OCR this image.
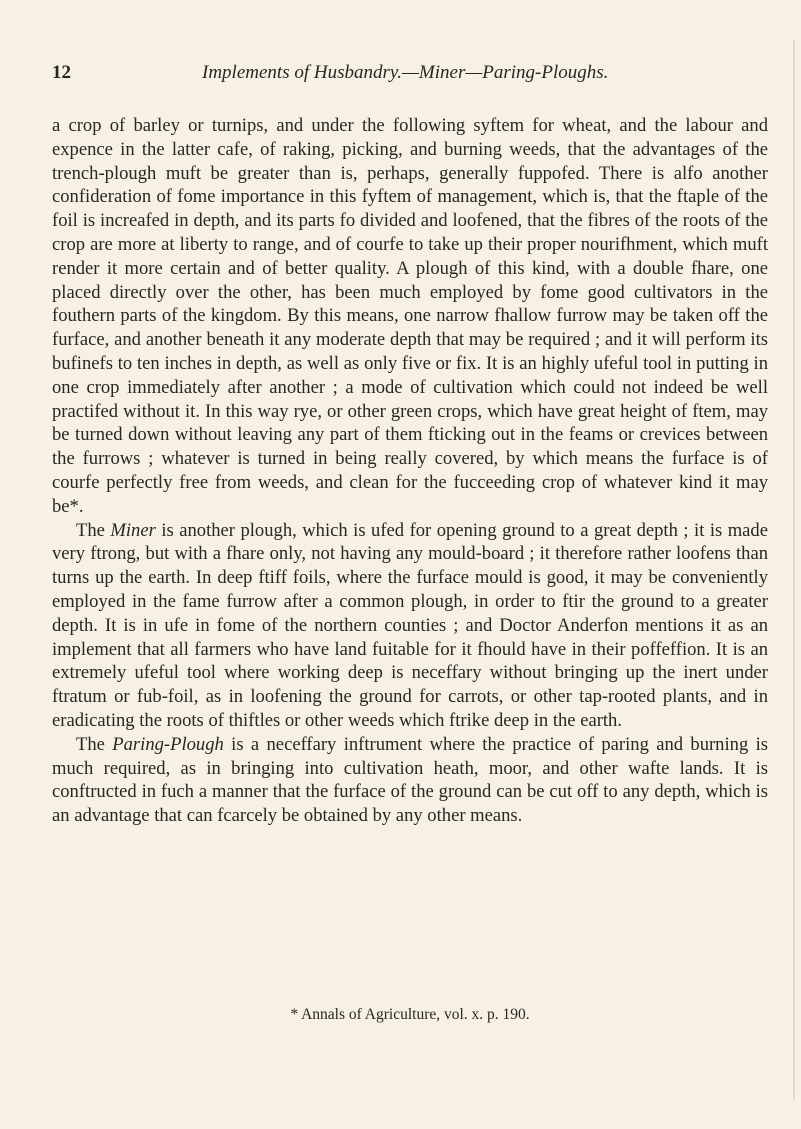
12	Implements of Husbandry.—Miner—Paring-Ploughs.

a crop of barley or turnips, and under the following syftem for wheat, and the labour and expence in the latter cafe, of raking, picking, and burning weeds, that the advantages of the trench-plough muft be greater than is, perhaps, generally fuppofed. There is alfo another confideration of fome importance in this fyftem of management, which is, that the ftaple of the foil is increafed in depth, and its parts fo divided and loofened, that the fibres of the roots of the crop are more at liberty to range, and of courfe to take up their proper nourifhment, which muft render it more certain and of better quality. A plough of this kind, with a double fhare, one placed directly over the other, has been much employed by fome good cultivators in the fouthern parts of the kingdom. By this means, one narrow fhallow furrow may be taken off the furface, and another beneath it any moderate depth that may be required ; and it will perform its bufinefs to ten inches in depth, as well as only five or fix. It is an highly ufeful tool in putting in one crop immediately after another ; a mode of cultivation which could not indeed be well practifed without it. In this way rye, or other green crops, which have great height of ftem, may be turned down without leaving any part of them fticking out in the feams or crevices between the furrows ; whatever is turned in being really covered, by which means the furface is of courfe perfectly free from weeds, and clean for the fucceeding crop of whatever kind it may be*.

The Miner is another plough, which is ufed for opening ground to a great depth ; it is made very ftrong, but with a fhare only, not having any mould-board ; it therefore rather loofens than turns up the earth. In deep ftiff foils, where the furface mould is good, it may be conveniently employed in the fame furrow after a common plough, in order to ftir the ground to a greater depth. It is in ufe in fome of the northern counties ; and Doctor Anderfon mentions it as an implement that all farmers who have land fuitable for it fhould have in their poffeffion. It is an extremely ufeful tool where working deep is neceffary without bringing up the inert under ftratum or fub-foil, as in loofening the ground for carrots, or other tap-rooted plants, and in eradicating the roots of thiftles or other weeds which ftrike deep in the earth.

The Paring-Plough is a neceffary inftrument where the practice of paring and burning is much required, as in bringing into cultivation heath, moor, and other wafte lands. It is conftructed in fuch a manner that the furface of the ground can be cut off to any depth, which is an advantage that can fcarcely be obtained by any other means.

* Annals of Agriculture, vol. x. p. 190.
